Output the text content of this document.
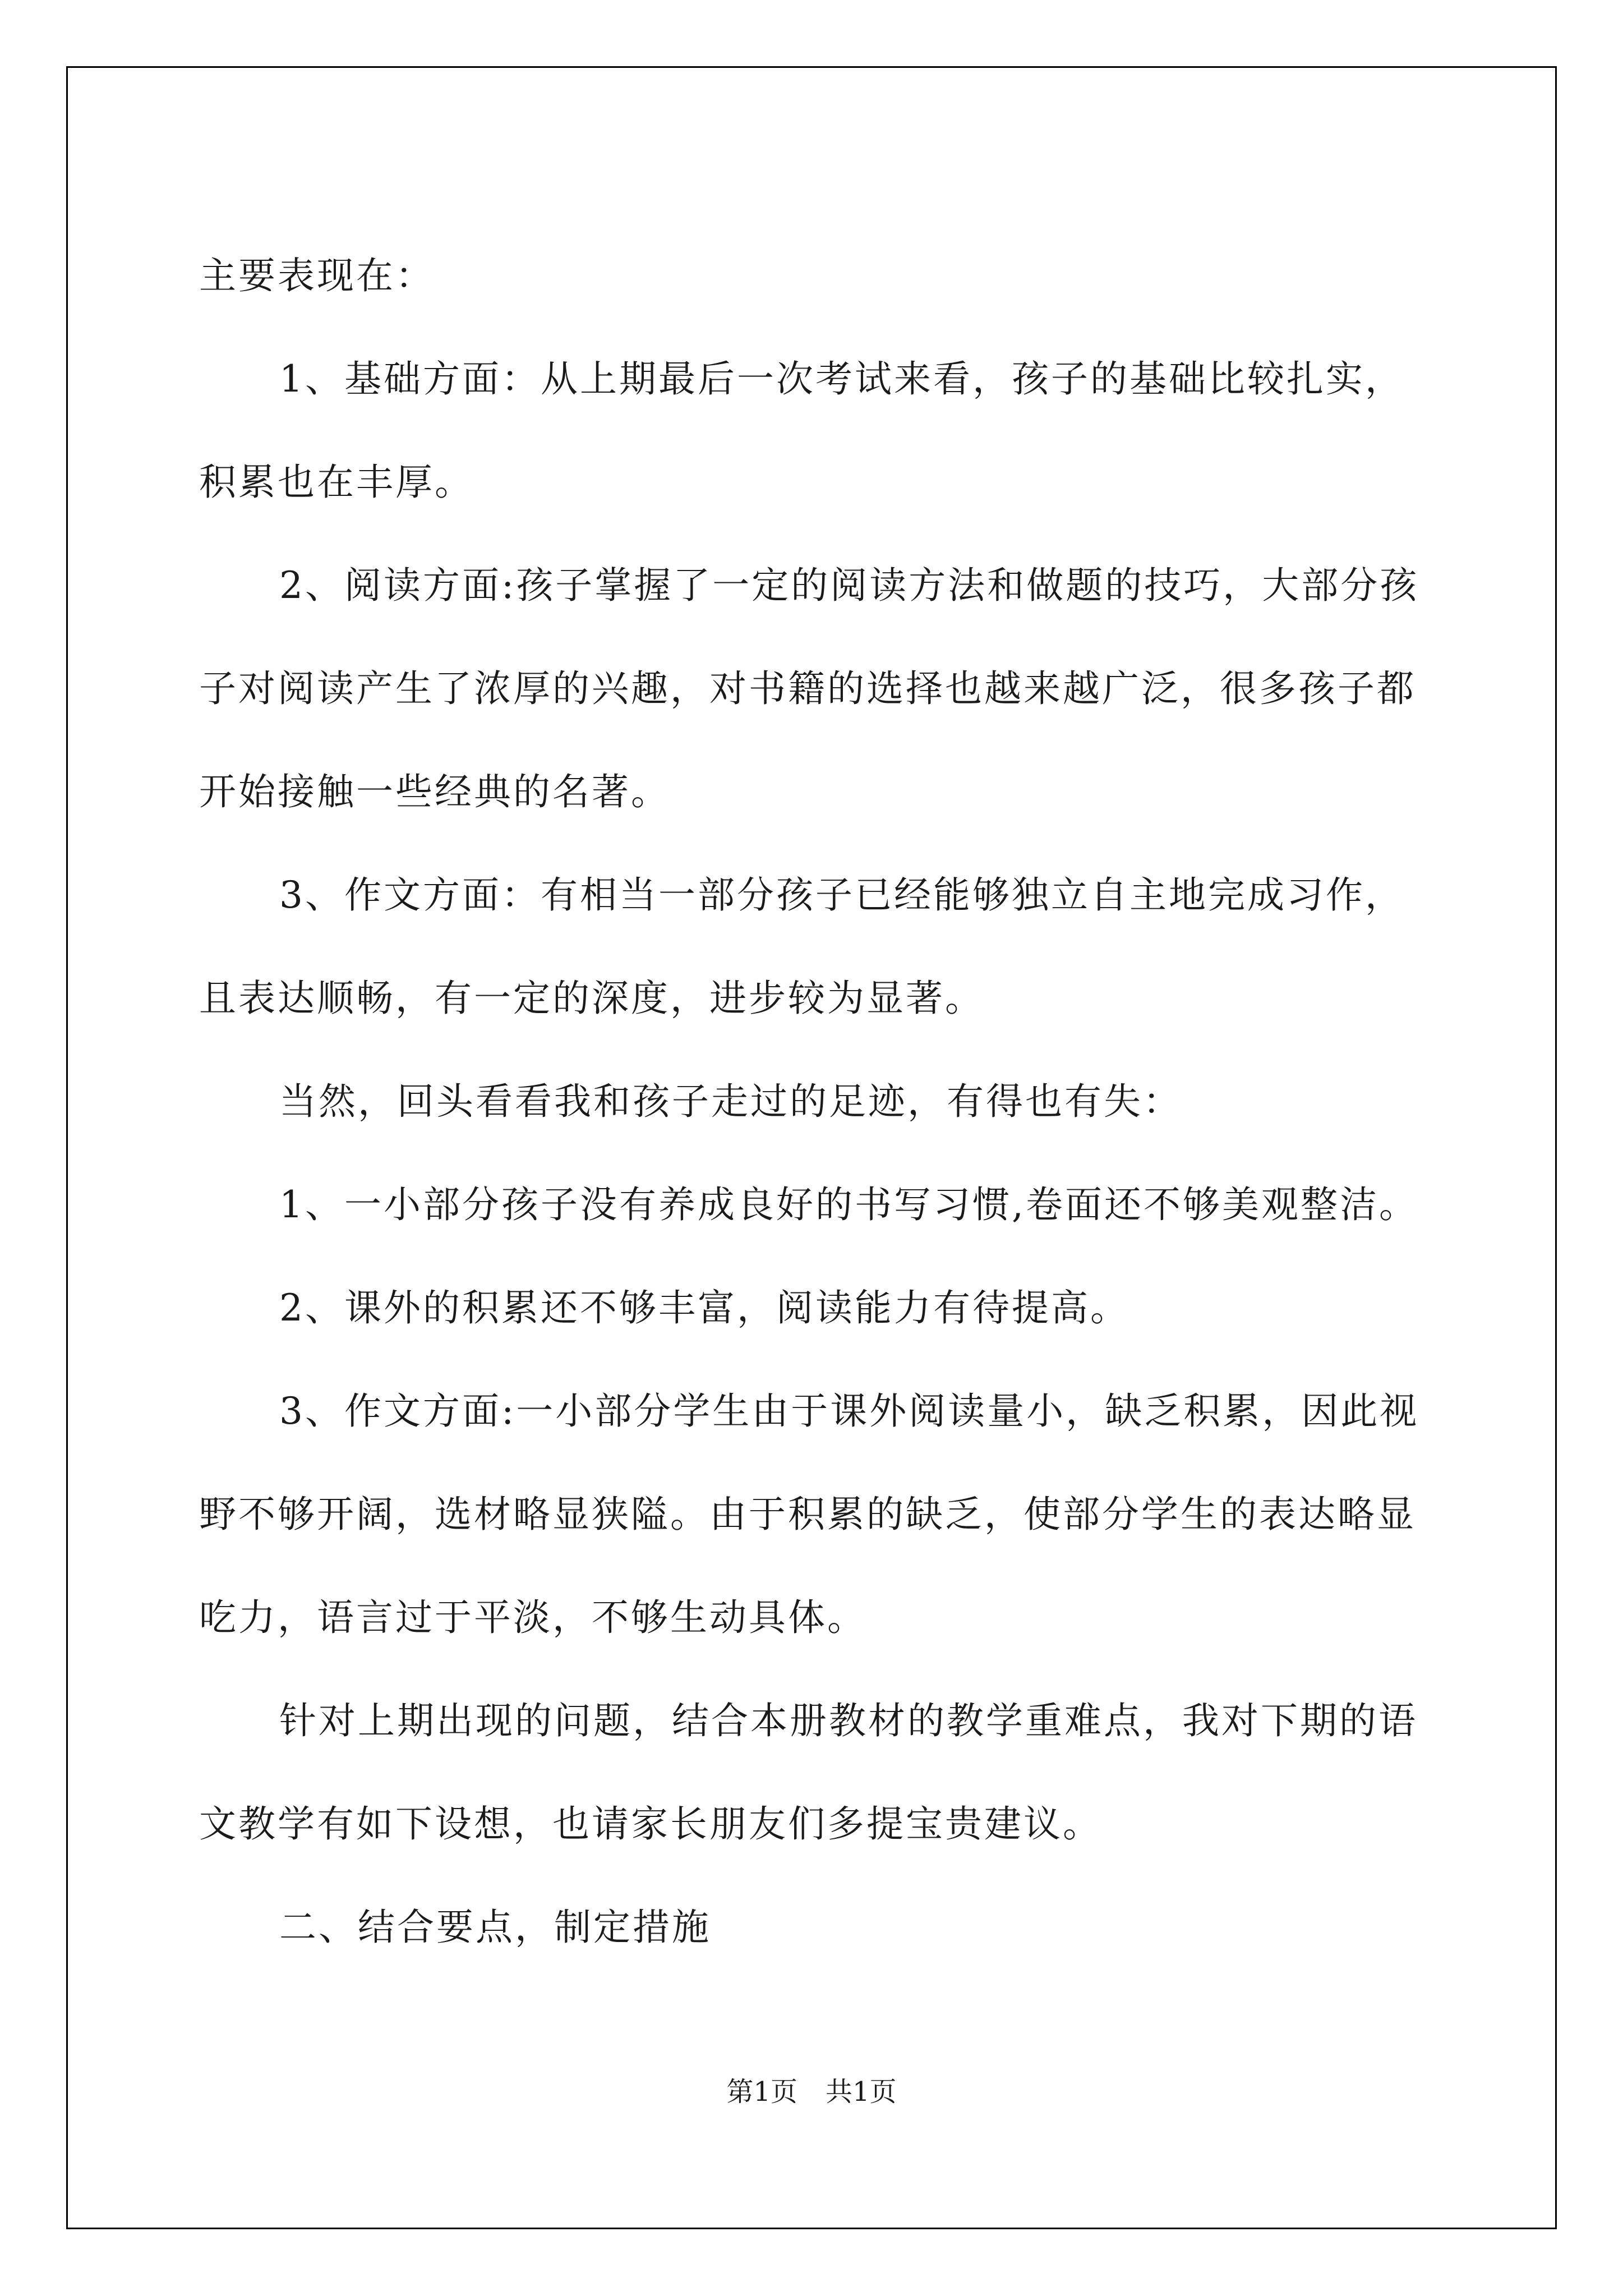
主要表现在：

1、基础方面：从上期最后一次考试来看，孩子的基础比较扎实，积累也在丰厚。

2、阅读方面:孩子掌握了一定的阅读方法和做题的技巧，大部分孩子对阅读产生了浓厚的兴趣，对书籍的选择也越来越广泛，很多孩子都开始接触一些经典的名著。

3、作文方面：有相当一部分孩子已经能够独立自主地完成习作，且表达顺畅，有一定的深度，进步较为显著。

当然，回头看看我和孩子走过的足迹，有得也有失：

1、一小部分孩子没有养成良好的书写习惯,卷面还不够美观整洁。

2、课外的积累还不够丰富，阅读能力有待提高。

3、作文方面:一小部分学生由于课外阅读量小，缺乏积累，因此视野不够开阔，选材略显狭隘。由于积累的缺乏，使部分学生的表达略显吃力，语言过于平淡，不够生动具体。

针对上期出现的问题，结合本册教材的教学重难点，我对下期的语文教学有如下设想，也请家长朋友们多提宝贵建议。

二、结合要点，制定措施

第1页 共1页
